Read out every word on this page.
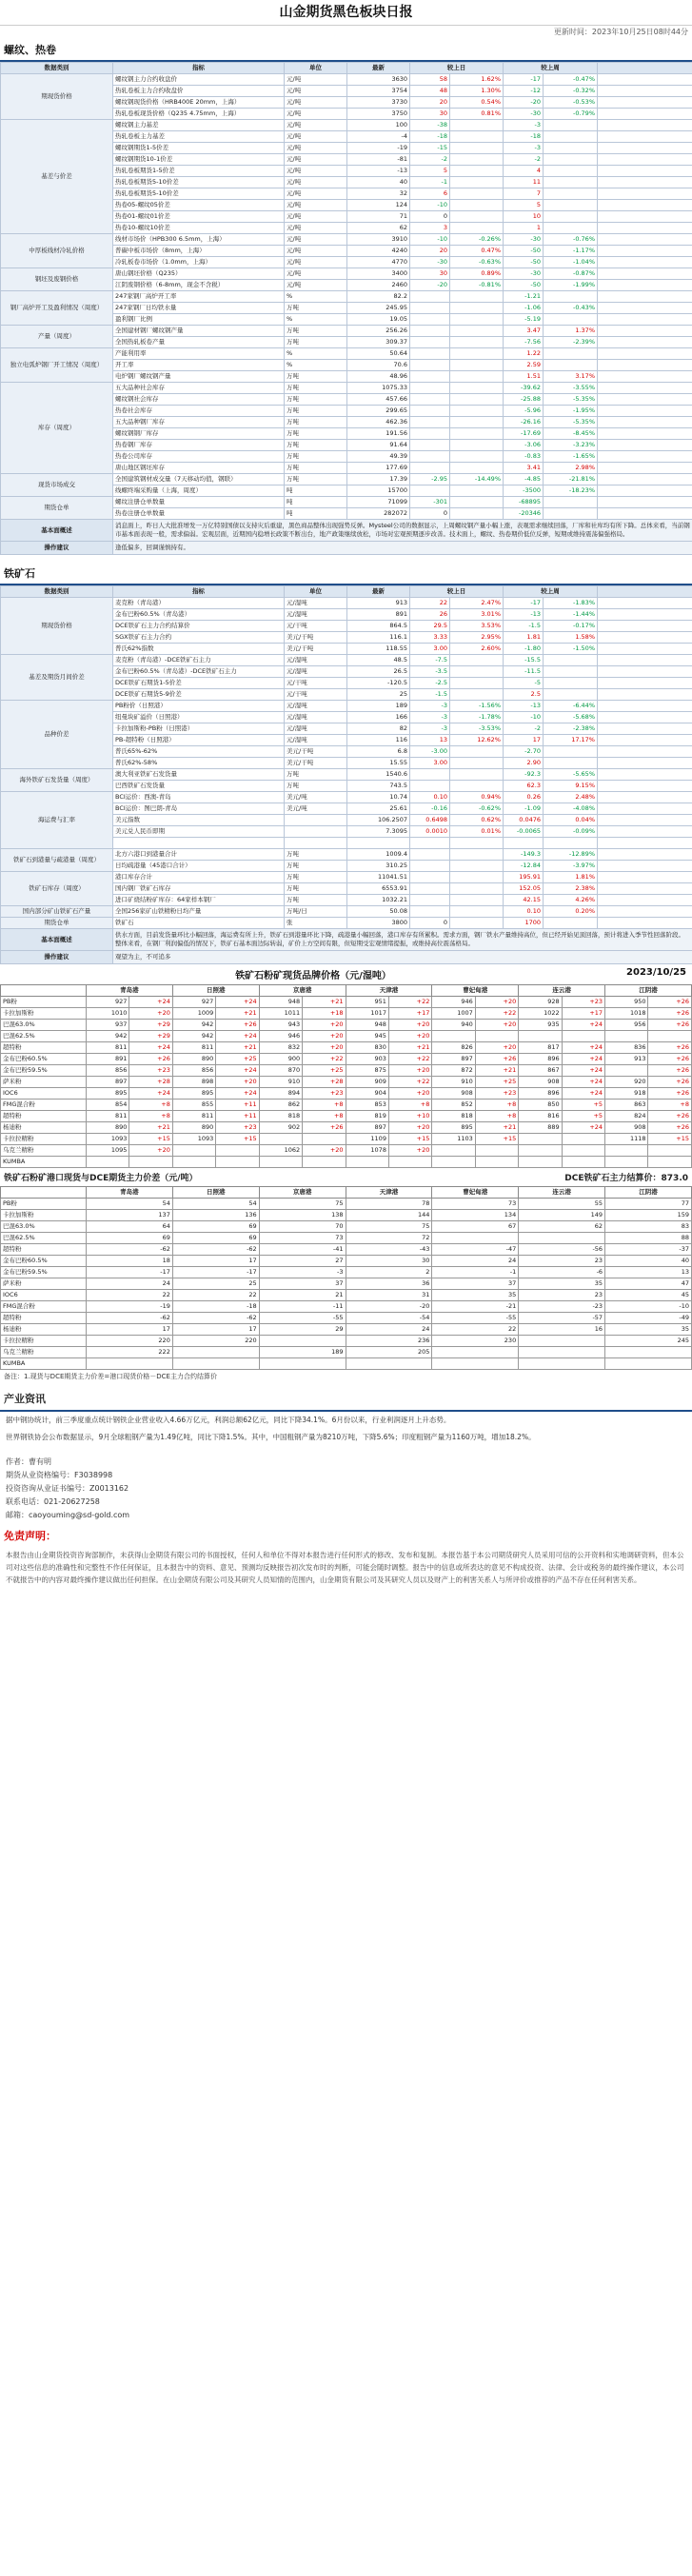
山金期货黑色板块日报
更新时间：2023年10月25日08时44分
螺纹、热卷
数据类别	指标	单位	最新	较上日		较上周		
期现货价格	螺纹钢主力合约收盘价	元/吨	3630	58	1.62%	-17	-0.47%	
	热轧卷板主力合约收盘价	元/吨	3754	48	1.30%	-12	-0.32%	
	螺纹钢现货价格（HRB400E 20mm，上海）	元/吨	3730	20	0.54%	-20	-0.53%	
	热轧卷板现货价格（Q235 4.75mm，上海）	元/吨	3750	30	0.81%	-30	-0.79%	
基差与价差	螺纹钢主力基差	元/吨	100	-38		-3		
	热轧卷板主力基差	元/吨	-4	-18		-18		
	螺纹钢期货1-5价差	元/吨	-19	-15		-3		
	螺纹钢期货10-1价差	元/吨	-81	-2		-2		
	热轧卷板期货1-5价差	元/吨	-13	5		4		
	热轧卷板期货5-10价差	元/吨	40	-1		11		
	热轧卷板期货5-10价差	元/吨	32	6		7		
	热卷05-螺纹05价差	元/吨	124	-10		5		
	热卷01-螺纹01价差	元/吨	71	0		10		
	热卷10-螺纹10价差	元/吨	62	3		1		
中厚板线材冷轧价格	线材市场价（HPB300 6.5mm，上海）	元/吨	3910	-10	-0.26%	-30	-0.76%	
	普碳中板市场价（8mm，上海）	元/吨	4240	20	0.47%	-50	-1.17%	
	冷轧板卷市场价（1.0mm，上海）	元/吨	4770	-30	-0.63%	-50	-1.04%	
钢坯及废钢价格	唐山钢坯价格（Q235）	元/吨	3400	30	0.89%	-30	-0.87%	
	江阴废钢价格（6-8mm，现金不含税）	元/吨	2460	-20	-0.81%	-50	-1.99%	
钢厂高炉开工及盈利情况（周度）	247家钢厂高炉开工率	%	82.2			-1.21		
	247家钢厂日均铁水量	万吨	245.95			-1.06	-0.43%	
	盈利钢厂比例	%	19.05			-5.19		
产量（周度）	全国建材钢厂螺纹钢产量	万吨	256.26			3.47	1.37%	
	全国热轧板卷产量	万吨	309.37			-7.56	-2.39%	
独立电弧炉钢厂开工情况（周度）	产能利用率	%	50.64			1.22		
	开工率	%	70.6			2.59		
	电炉钢厂螺纹钢产量	万吨	48.96			1.51	3.17%	
库存（周度）	五大品种社会库存	万吨	1075.33			-39.62	-3.55%	
	螺纹钢社会库存	万吨	457.66			-25.88	-5.35%	
	热卷社会库存	万吨	299.65			-5.96	-1.95%	
	五大品种钢厂库存	万吨	462.36			-26.16	-5.35%	
	螺纹钢钢厂库存	万吨	191.56			-17.69	-8.45%	
	热卷钢厂库存	万吨	91.64			-3.06	-3.23%	
	热卷公司库存	万吨	49.39			-0.83	-1.65%	
	唐山地区钢坯库存	万吨	177.69			3.41	2.98%	
现货市场成交	全国建筑钢材成交量（7天移动均值，钢联）	万吨	17.39	-2.95	-14.49%	-4.85	-21.81%	
	线螺终端采购量（上海，周度）	吨	15700			-3500	-18.23%	
期货仓单	螺纹注册仓单数量	吨	71099	-301		-68895		
	热卷注册仓单数量	吨	282072	0		-20346		
基本面概述	消息面上，昨日人大批准增发一万亿特别国债以支持灾后重建，黑色商品整体出现强势反弹。Mysteel公司的数据显示，上周螺纹钢产量小幅上涨，表观需求继续回落，厂库和社库均有所下降。总体来看，当前钢市基本面表现一般，需求偏弱。宏观层面，近期国内稳增长政策不断出台，地产政策继续放松，市场对宏观预期逐步改善。技术面上，螺纹、热卷期价低位反弹，短期或维持震荡偏强格局。							
操作建议	逢低偏多，回调谨慎持有。							
铁矿石
数据类别	指标	单位	最新	较上日		较上周		
期现货价格	麦克粉（青岛港）	元/湿吨	913	22	2.47%	-17	-1.83%	
	金布巴粉60.5%（青岛港）	元/湿吨	891	26	3.01%	-13	-1.44%	
	DCE铁矿石主力合约结算价	元/干吨	864.5	29.5	3.53%	-1.5	-0.17%	
	SGX铁矿石主力合约	美元/干吨	116.1	3.33	2.95%	1.81	1.58%	
	普氏62%指数	美元/干吨	118.55	3.00	2.60%	-1.80	-1.50%	
基差及期货月间价差	麦克粉（青岛港）-DCE铁矿石主力	元/湿吨	48.5	-7.5		-15.5		
	金布巴粉60.5%（青岛港）-DCE铁矿石主力	元/湿吨	26.5	-3.5		-11.5		
	DCE铁矿石期货1-5价差	元/干吨	-120.5	-2.5		-5		
	DCE铁矿石期货5-9价差	元/干吨	25	-1.5		2.5		
品种价差	PB粉价（日照港）	元/湿吨	189	-3	-1.56%	-13	-6.44%	
	纽曼块矿溢价（日照港）	元/湿吨	166	-3	-1.78%	-10	-5.68%	
	卡拉加斯粉-PB粉（日照港）	元/湿吨	82	-3	-3.53%	-2	-2.38%	
	PB-超特粉（日照港）	元/湿吨	116	13	12.62%	17	17.17%	
	普氏65%-62%	美元/干吨	6.8	-3.00		-2.70		
	普氏62%-58%	美元/干吨	15.55	3.00		2.90		
海外铁矿石发货量（周度）	澳大利亚铁矿石发货量	万吨	1540.6			-92.3	-5.65%	
	巴西铁矿石发货量	万吨	743.5			62.3	9.15%	
海运费与汇率	BCI运价：西澳-青岛	美元/吨	10.74	0.10	0.94%	0.26	2.48%	
	BCI运价：图巴朗-青岛	美元/吨	25.61	-0.16	-0.62%	-1.09	-4.08%	
	美元指数		106.2507	0.6498	0.62%	0.0476	0.04%	
	美元兑人民币即期		7.3095	0.0010	0.01%	-0.0065	-0.09%	

铁矿石到港量与疏港量（周度）	北方六港口到港量合计	万吨	1009.4			-149.3	-12.89%	
	日均疏港量（45港口合计）	万吨	310.25			-12.84	-3.97%	
铁矿石库存（周度）	港口库存合计	万吨	11041.51			195.91	1.81%	
	国内钢厂铁矿石库存	万吨	6553.91			152.05	2.38%	
	进口矿烧结粉矿库存：64家样本钢厂	万吨	1032.21			42.15	4.26%	
国内部分矿山铁矿石产量	全国256家矿山铁精粉日均产量	万吨/日	50.08			0.10	0.20%	
期货仓单	铁矿石	张	3800	0		1700		
基本面概述	供水方面，目前发货量环比小幅回落，海运费有所上升，铁矿石到港量环比下降，疏港量小幅回落，港口库存有所累积。需求方面，钢厂铁水产量维持高位，但已经开始见顶回落，预计将进入季节性回落阶段。整体来看，在钢厂利润偏低的情况下，铁矿石基本面边际转弱，矿价上方空间有限，但短期受宏观情绪提振，或维持高位震荡格局。							
操作建议	观望为主，不可追多							
铁矿石粉矿现货品牌价格（元/湿吨）	2023/10/25
	青岛港		日照港		京唐港		天津港		曹妃甸港		连云港		江阴港	
PB粉	927	+24	927	+24	948	+21	951	+22	946	+20	928	+23	950	+26
卡拉加斯粉	1010	+20	1009	+21	1011	+18	1017	+17	1007	+22	1022	+17	1018	+26
巴混63.0%	937	+29	942	+26	943	+20	948	+20	940	+20	935	+24	956	+26
巴混62.5%	942	+29	942	+24	946	+20	945	+20						
超特粉	811	+24	811	+21	832	+20	830	+21	826	+20	817	+24	836	+26
金布巴粉60.5%	891	+26	890	+25	900	+22	903	+22	897	+26	896	+24	913	+26
金布巴粉59.5%	856	+23	856	+24	870	+25	875	+20	872	+21	867	+24		+26
萨米粉	897	+28	898	+20	910	+28	909	+22	910	+25	908	+24	920	+26
IOC6	895	+24	895	+24	894	+23	904	+20	908	+23	896	+24	918	+26
FMG混合粉	854	+8	855	+11	862	+8	853	+8	852	+8	850	+5	863	+8
超特粉	811	+8	811	+11	818	+8	819	+10	818	+8	816	+5	824	+26
杨迪粉	890	+21	890	+23	902	+26	897	+20	895	+21	889	+24	908	+26
卡拉拉精粉	1093	+15	1093	+15			1109	+15	1103	+15			1118	+15
乌克兰精粉	1095	+20			1062	+20	1078	+20						
KUMBA														
铁矿石粉矿港口现货与DCE期货主力价差（元/吨）	DCE铁矿石主力结算价：873.0
	青岛港	日照港	京唐港	天津港	曹妃甸港	连云港	江阴港
PB粉	54	54	75	78	73	55	77
卡拉加斯粉	137	136	138	144	134	149	159
巴混63.0%	64	69	70	75	67	62	83
巴混62.5%	69	69	73	72			88
超特粉	-62	-62	-41	-43	-47	-56	-37
金布巴粉60.5%	18	17	27	30	24	23	40
金布巴粉59.5%	-17	-17	-3	2	-1	-6	13
萨米粉	24	25	37	36	37	35	47
IOC6	22	22	21	31	35	23	45
FMG混合粉	-19	-18	-11	-20	-21	-23	-10
超特粉	-62	-62	-55	-54	-55	-57	-49
杨迪粉	17	17	29	24	22	16	35
卡拉拉精粉	220	220		236	230		245
乌克兰精粉	222		189	205			
KUMBA							
备注：1.现货与DCE期货主力价差=港口现货价格－DCE主力合约结算价
产业资讯
据中钢协统计，前三季度重点统计钢铁企业营业收入4.66万亿元，利润总额62亿元，同比下降34.1%。6月份以来，行业利润逐月上升态势。
世界钢铁协会公布数据显示，9月全球粗钢产量为1.49亿吨，同比下降1.5%。其中，中国粗钢产量为8210万吨，下降5.6%；印度粗钢产量为1160万吨，增加18.2%。
作者：曹有明
期货从业资格编号：F3038998
投资咨询从业证书编号：Z0013162
联系电话：021-20627258
邮箱：caoyouming@sd-gold.com
免责声明：
本报告由山金期货投资咨询部制作，未获得山金期货有限公司的书面授权，任何人和单位不得对本报告进行任何形式的修改、发布和复制。本报告基于本公司期货研究人员采用可信的公开资料和实地调研资料，但本公司对这些信息的准确性和完整性不作任何保证，且本报告中的资料、意见、预测均反映报告初次发布时的判断，可能会随时调整。报告中的信息或所表达的意见不构成投资、法律、会计或税务的最终操作建议，本公司不就报告中的内容对最终操作建议做出任何担保。在山金期货有限公司及其研究人员知情的范围内，山金期货有限公司及其研究人员以及财产上的利害关系人与所评价或推荐的产品不存在任何利害关系。
